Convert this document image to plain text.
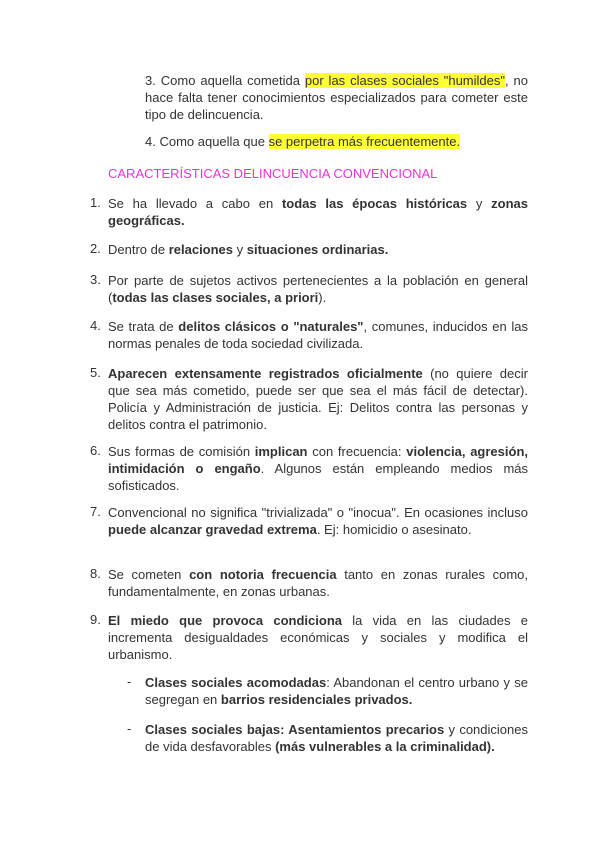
3. Como aquella cometida por las clases sociales "humildes", no hace falta tener conocimientos especializados para cometer este tipo de delincuencia.

4. Como aquella que se perpetra más frecuentemente.

CARACTERÍSTICAS DELINCUENCIA CONVENCIONAL

1. Se ha llevado a cabo en todas las épocas históricas y zonas geográficas.

2. Dentro de relaciones y situaciones ordinarias.

3. Por parte de sujetos activos pertenecientes a la población en general (todas las clases sociales, a priori).

4. Se trata de delitos clásicos o "naturales", comunes, inducidos en las normas penales de toda sociedad civilizada.

5. Aparecen extensamente registrados oficialmente (no quiere decir que sea más cometido, puede ser que sea el más fácil de detectar). Policía y Administración de justicia. Ej: Delitos contra las personas y delitos contra el patrimonio.

6. Sus formas de comisión implican con frecuencia: violencia, agresión, intimidación o engaño. Algunos están empleando medios más sofisticados.

7. Convencional no significa "trivializada" o "inocua". En ocasiones incluso puede alcanzar gravedad extrema. Ej: homicidio o asesinato.

8. Se cometen con notoria frecuencia tanto en zonas rurales como, fundamentalmente, en zonas urbanas.

9. El miedo que provoca condiciona la vida en las ciudades e incrementa desigualdades económicas y sociales y modifica el urbanismo.

- Clases sociales acomodadas: Abandonan el centro urbano y se segregan en barrios residenciales privados.

- Clases sociales bajas: Asentamientos precarios y condiciones de vida desfavorables (más vulnerables a la criminalidad).
